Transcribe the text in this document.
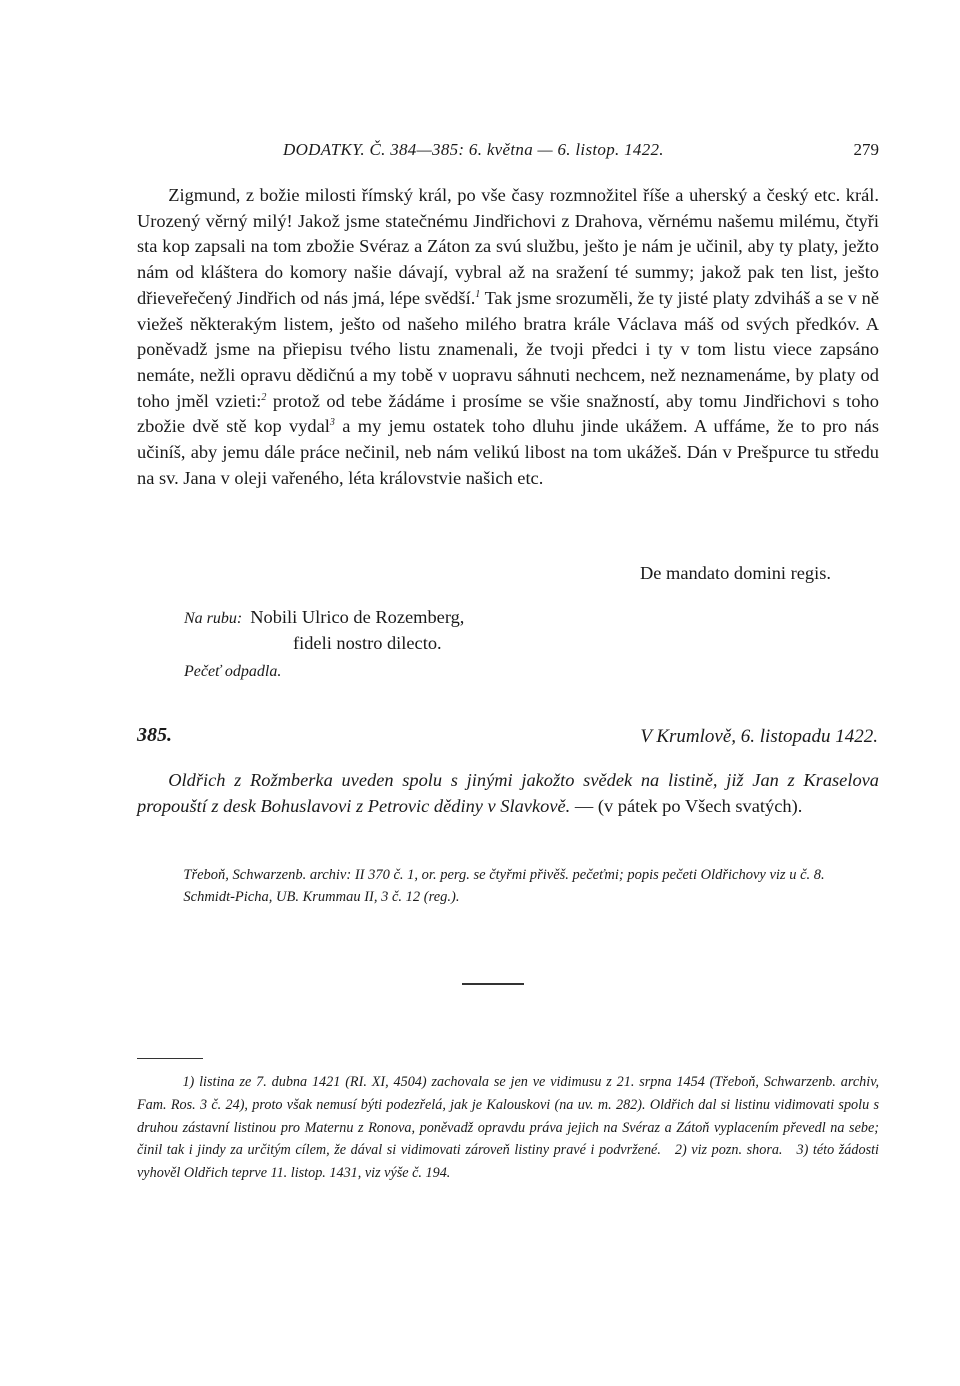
DODATKY. Č. 384—385: 6. května — 6. listop. 1422.	279

Zigmund, z božie milosti římský král, po vše časy rozmnožitel říše a uherský a český etc. král. Urozený věrný milý! Jakož jsme statečnému Jindřichovi z Drahova, věrnému našemu milému, čtyři sta kop zapsali na tom zbožie Svéraz a Záton za svú službu, ješto je nám je učinil, aby ty platy, ježto nám od kláštera do komory našie dávají, vybral až na sražení té summy; jakož pak ten list, ješto dřieveřečený Jindřich od nás jmá, lépe svědší.$^1$ Tak jsme srozuměli, že ty jisté platy zdviháš a se v ně viežeš některakým listem, ješto od našeho milého bratra krále Václava máš od svých předkóv. A poněvadž jsme na přiepisu tvého listu znamenali, že tvoji předci i ty v tom listu viece zapsáno nemáte, nežli opravu dědičnú a my tobě v uopravu sáhnuti nechcem, než neznamenáme, by platy od toho jměl vzieti:$^2$ protož od tebe žádáme i prosíme se všie snažností, aby tomu Jindřichovi s toho zbožie dvě stě kop vydal$^3$ a my jemu ostatek toho dluhu jinde ukážem. A uffáme, že to pro nás učiníš, aby jemu dále práce nečinil, neb nám velikú libost na tom ukážeš. Dán v Prešpurce tu středu na sv. Jana v oleji vařeného, léta královstvie našich etc.

De mandato domini regis.
Na rubu: Nobili Ulrico de Rozemberg,
fideli nostro dilecto.
Pečeť odpadla.
385.	V Krumlově, 6. listopadu 1422.

Oldřich z Rožmberka uveden spolu s jinými jakožto svědek na listině, již Jan z Kraselova propouští z desk Bohuslavovi z Petrovic dědiny v Slavkově. — (v pátek po Všech svatých).

Třeboň, Schwarzenb. archiv: II 370 č. 1, or. perg. se čtyřmi přivěš. pečeťmi; popis pečeti Oldřichovy viz u č. 8.

Schmidt-Picha, UB. Krummau II, 3 č. 12 (reg.).

1) listina ze 7. dubna 1421 (RI. XI, 4504) zachovala se jen ve vidimusu z 21. srpna 1454 (Třeboň, Schwarzenb. archiv, Fam. Ros. 3 č. 24), proto však nemusí býti podezřelá, jak je Kalouskovi (na uv. m. 282). Oldřich dal si listinu vidimovati spolu s druhou zástavní listinou pro Maternu z Ronova, poněvadž opravdu práva jejich na Svéraz a Zátoň vyplacením převedl na sebe; činil tak i jindy za určitým cílem, že dával si vidimovati zároveň listiny pravé i podvržené. 2) viz pozn. shora. 3) této žádosti vyhověl Oldřich teprve 11. listop. 1431, viz výše č. 194.
